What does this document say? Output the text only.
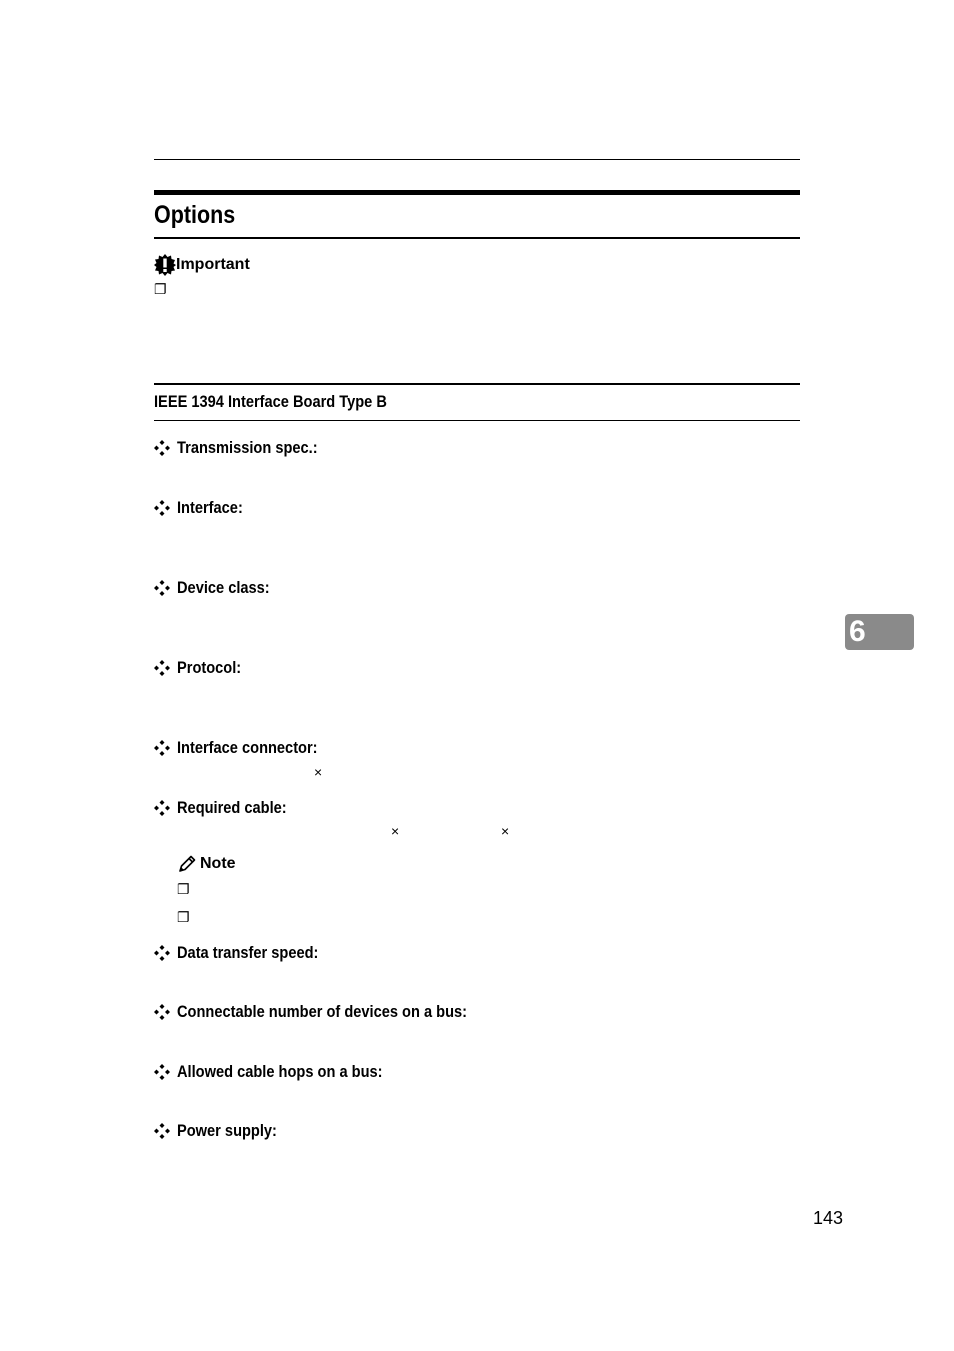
Options
Important
❐
IEEE 1394 Interface Board Type B
Transmission spec.:
Interface:
Device class:
Protocol:
Interface connector:
×
Required cable:
×	×
Note
❐
❐
Data transfer speed:
Connectable number of devices on a bus:
Allowed cable hops on a bus:
Power supply:
6
143
